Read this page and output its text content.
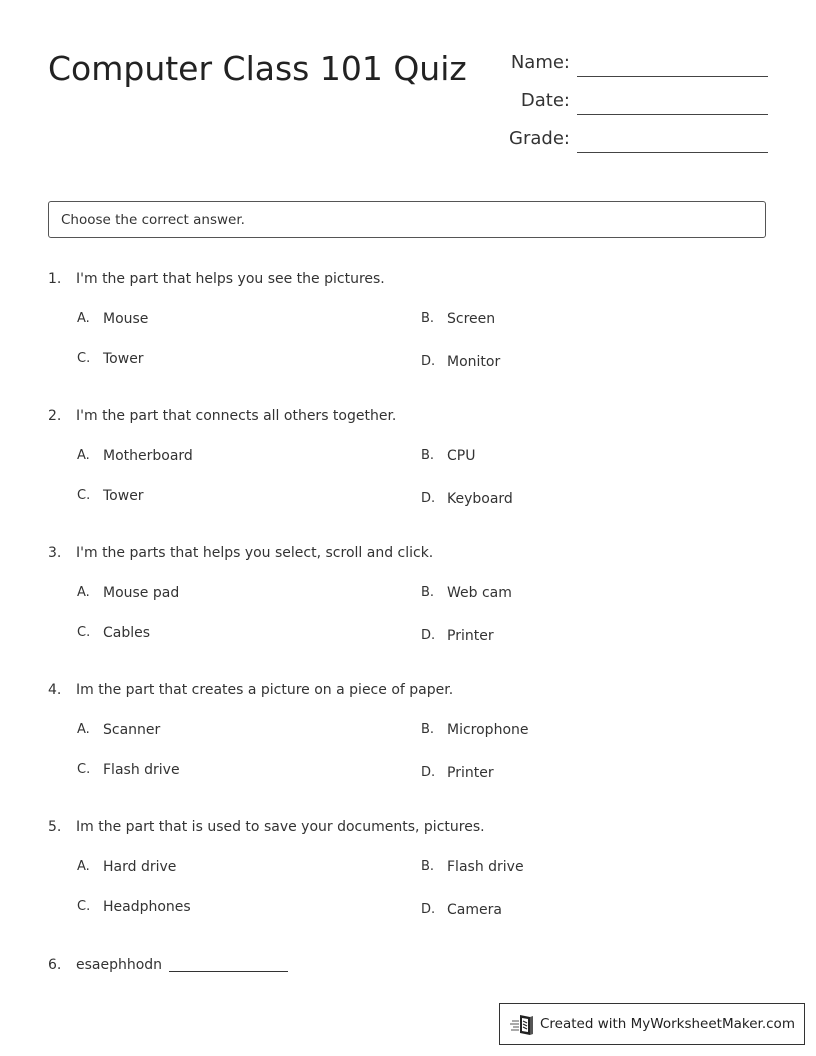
Computer Class 101 Quiz Name:
Date:
Grade:
Choose the correct answer.
1. I'm the part that helps you see the pictures.
A. Mouse	B. Screen
C. Tower	D. Monitor
2. I'm the part that connects all others together.
A. Motherboard	B. CPU
C. Tower	D. Keyboard
3. I'm the parts that helps you select, scroll and click.
A. Mouse pad	B. Web cam
C. Cables	D. Printer
4. Im the part that creates a picture on a piece of paper.
A. Scanner	B. Microphone
C. Flash drive	D. Printer
5. Im the part that is used to save your documents, pictures.
A. Hard drive	B. Flash drive
C. Headphones	D. Camera
6. esaephhodn
Created with MyWorksheetMaker.com
